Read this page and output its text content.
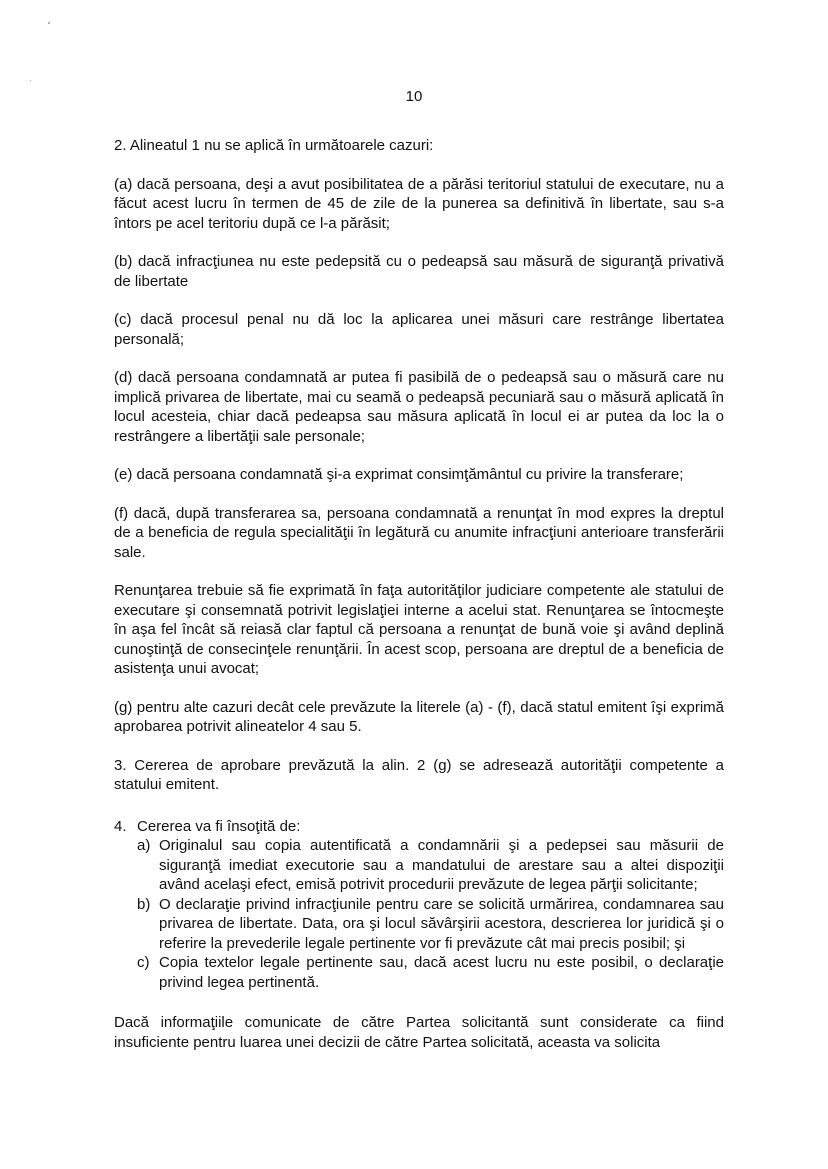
10

2. Alineatul 1 nu se aplică în următoarele cazuri:

(a) dacă persoana, deşi a avut posibilitatea de a părăsi teritoriul statului de executare, nu a făcut acest lucru în termen de 45 de zile de la punerea sa definitivă în libertate, sau s-a întors pe acel teritoriu după ce l-a părăsit;

(b) dacă infracţiunea nu este pedepsită cu o pedeapsă sau măsură de siguranţă privativă de libertate

(c) dacă procesul penal nu dă loc la aplicarea unei măsuri care restrânge libertatea personală;

(d) dacă persoana condamnată ar putea fi pasibilă de o pedeapsă sau o măsură care nu implică privarea de libertate, mai cu seamă o pedeapsă pecuniară sau o măsură aplicată în locul acesteia, chiar dacă pedeapsa sau măsura aplicată în locul ei ar putea da loc la o restrângere a libertăţii sale personale;

(e) dacă persoana condamnată şi-a exprimat consimţământul cu privire la transferare;

(f) dacă, după transferarea sa, persoana condamnată a renunţat în mod expres la dreptul de a beneficia de regula specialităţii în legătură cu anumite infracţiuni anterioare transferării sale.

Renunţarea trebuie să fie exprimată în faţa autorităţilor judiciare competente ale statului de executare şi consemnată potrivit legislaţiei interne a acelui stat. Renunţarea se întocmeşte în aşa fel încât să reiasă clar faptul că persoana a renunţat de bună voie şi având deplină cunoştinţă de consecinţele renunţării. În acest scop, persoana are dreptul de a beneficia de asistenţa unui avocat;

(g) pentru alte cazuri decât cele prevăzute la literele (a) - (f), dacă statul emitent îşi exprimă aprobarea potrivit alineatelor 4 sau 5.

3. Cererea de aprobare prevăzută la alin. 2 (g) se adresează autorităţii competente a statului emitent.

4. Cererea va fi însoţită de:
a) Originalul sau copia autentificată a condamnării şi a pedepsei sau măsurii de siguranţă imediat executorie sau a mandatului de arestare sau a altei dispoziţii având acelaşi efect, emisă potrivit procedurii prevăzute de legea părţii solicitante;
b) O declaraţie privind infracţiunile pentru care se solicită urmărirea, condamnarea sau privarea de libertate. Data, ora şi locul săvârşirii acestora, descrierea lor juridică şi o referire la prevederile legale pertinente vor fi prevăzute cât mai precis posibil; şi
c) Copia textelor legale pertinente sau, dacă acest lucru nu este posibil, o declaraţie privind legea pertinentă.

Dacă informaţiile comunicate de către Partea solicitantă sunt considerate ca fiind insuficiente pentru luarea unei decizii de către Partea solicitată, aceasta va solicita
